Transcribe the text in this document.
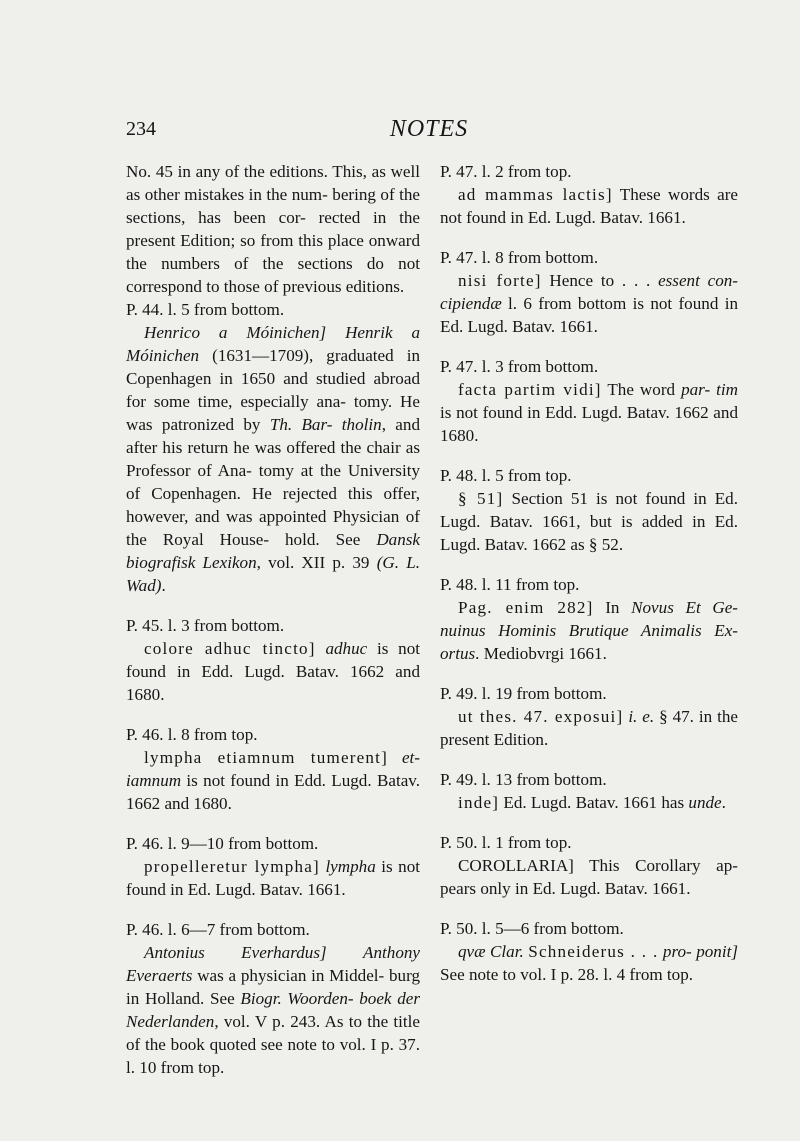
234	NOTES

No. 45 in any of the editions. This, as well as other mistakes in the num- bering of the sections, has been cor- rected in the present Edition; so from this place onward the numbers of the sections do not correspond to those of previous editions.

P. 44. l. 5 from bottom.

Henrico a Móinichen] Henrik a Móinichen (1631—1709), graduated in Copenhagen in 1650 and studied abroad for some time, especially ana- tomy. He was patronized by Th. Bar- tholin, and after his return he was offered the chair as Professor of Ana- tomy at the University of Copenhagen. He rejected this offer, however, and was appointed Physician of the Royal House- hold. See Dansk biografisk Lexikon, vol. XII p. 39 (G. L. Wad).

P. 45. l. 3 from bottom.

colore adhuc tincto] adhuc is not found in Edd. Lugd. Batav. 1662 and 1680.

P. 46. l. 8 from top.

lympha etiamnum tumerent] et- iamnum is not found in Edd. Lugd. Batav. 1662 and 1680.

P. 46. l. 9—10 from bottom.

propelleretur lympha] lympha is not found in Ed. Lugd. Batav. 1661.

P. 46. l. 6—7 from bottom.

Antonius Everhardus] Anthony Everaerts was a physician in Middel- burg in Holland. See Biogr. Woorden- boek der Nederlanden, vol. V p. 243. As to the title of the book quoted see note to vol. I p. 37. l. 10 from top.

P. 47. l. 2 from top.

ad mammas lactis] These words are not found in Ed. Lugd. Batav. 1661.

P. 47. l. 8 from bottom.

nisi forte] Hence to . . . essent con- cipiendæ l. 6 from bottom is not found in Ed. Lugd. Batav. 1661.

P. 47. l. 3 from bottom.

facta partim vidi] The word par- tim is not found in Edd. Lugd. Batav. 1662 and 1680.

P. 48. l. 5 from top.

§ 51] Section 51 is not found in Ed. Lugd. Batav. 1661, but is added in Ed. Lugd. Batav. 1662 as § 52.

P. 48. l. 11 from top.

Pag. enim 282] In Novus Et Ge- nuinus Hominis Brutique Animalis Ex- ortus. Mediobvrgi 1661.

P. 49. l. 19 from bottom.

ut thes. 47. exposui] i. e. § 47. in the present Edition.

P. 49. l. 13 from bottom.

inde] Ed. Lugd. Batav. 1661 has unde.

P. 50. l. 1 from top.

COROLLARIA] This Corollary ap- pears only in Ed. Lugd. Batav. 1661.

P. 50. l. 5—6 from bottom.

qvæ Clar. Schneiderus . . . pro- ponit] See note to vol. I p. 28. l. 4 from top.
